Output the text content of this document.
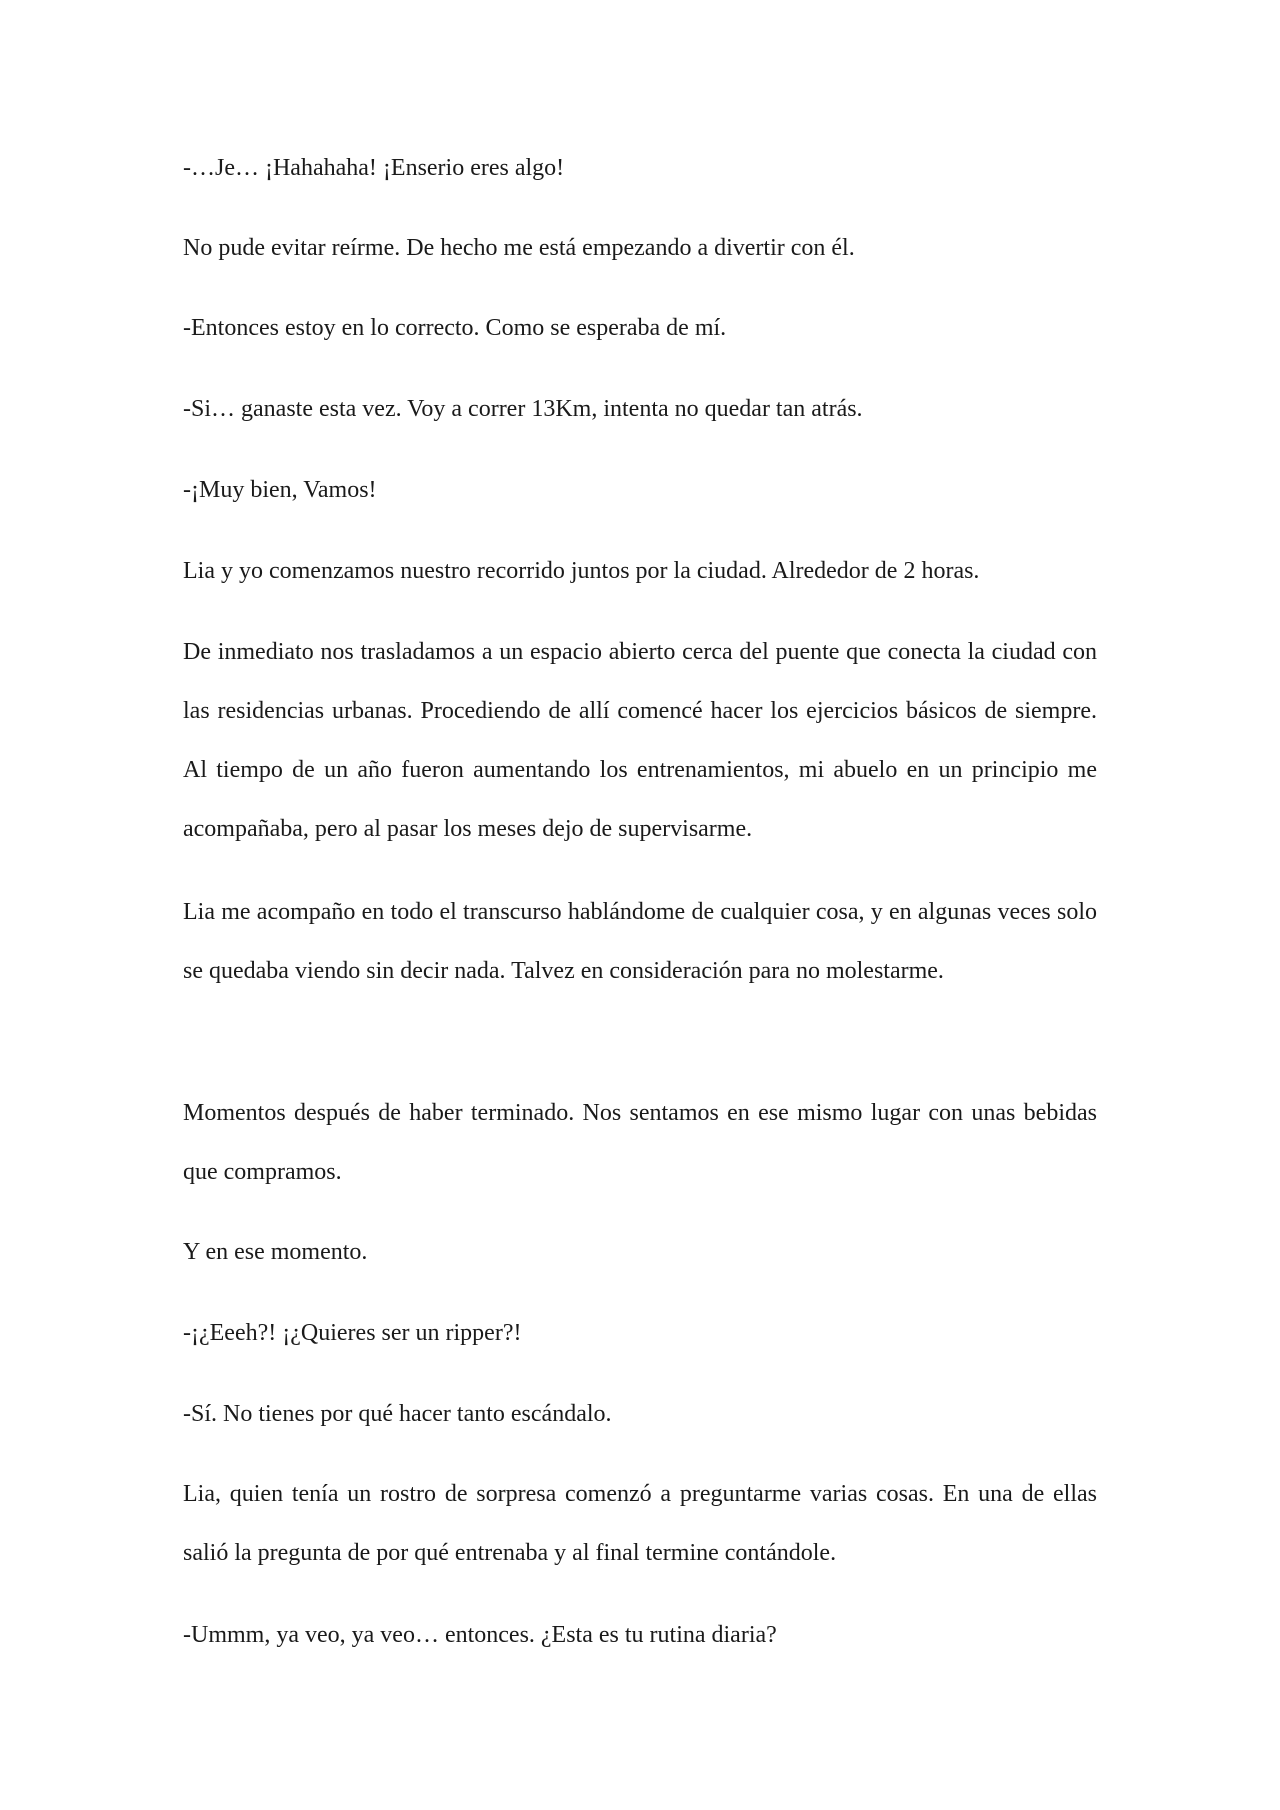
-…Je… ¡Hahahaha! ¡Enserio eres algo!

No pude evitar reírme. De hecho me está empezando a divertir con él.

-Entonces estoy en lo correcto. Como se esperaba de mí.

-Si… ganaste esta vez. Voy a correr 13Km, intenta no quedar tan atrás.

-¡Muy bien, Vamos!

Lia y yo comenzamos nuestro recorrido juntos por la ciudad. Alrededor de 2 horas.

De inmediato nos trasladamos a un espacio abierto cerca del puente que conecta la ciudad con las residencias urbanas. Procediendo de allí comencé hacer los ejercicios básicos de siempre. Al tiempo de un año fueron aumentando los entrenamientos, mi abuelo en un principio me acompañaba, pero al pasar los meses dejo de supervisarme.

Lia me acompaño en todo el transcurso hablándome de cualquier cosa, y en algunas veces solo se quedaba viendo sin decir nada. Talvez en consideración para no molestarme.

Momentos después de haber terminado. Nos sentamos en ese mismo lugar con unas bebidas que compramos.

Y en ese momento.

-¡¿Eeeh?! ¡¿Quieres ser un ripper?!

-Sí. No tienes por qué hacer tanto escándalo.

Lia, quien tenía un rostro de sorpresa comenzó a preguntarme varias cosas. En una de ellas salió la pregunta de por qué entrenaba y al final termine contándole.

-Ummm, ya veo, ya veo… entonces. ¿Esta es tu rutina diaria?
